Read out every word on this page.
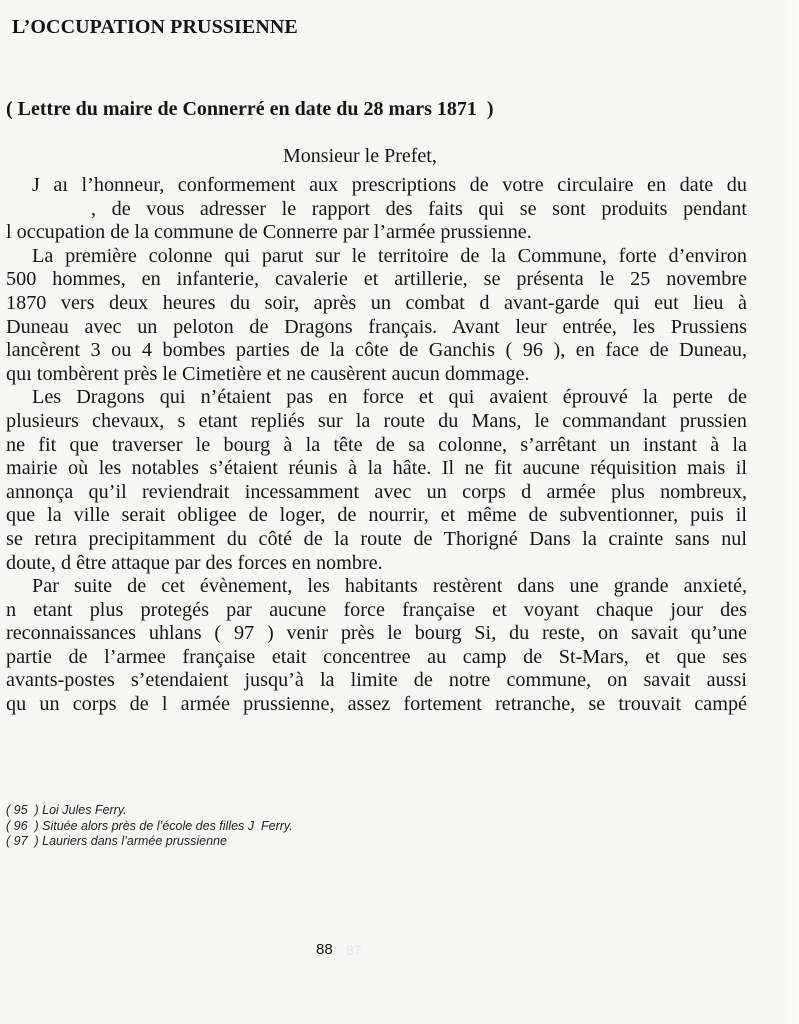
L’OCCUPATION PRUSSIENNE
( Lettre du maire de Connerré en date du 28 mars 1871  )

Monsieur le Prefet,

J aı l’honneur, conformement aux prescriptions de votre circulaire en date du
, de vous adresser le rapport des faits qui se sont produits pendant
l occupation de la commune de Connerre par l’armée prussienne.
La première colonne qui parut sur le territoire de la Commune, forte d’environ
500 hommes, en infanterie, cavalerie et artillerie, se présenta le 25 novembre
1870 vers deux heures du soir, après un combat d avant-garde qui eut lieu à
Duneau avec un peloton de Dragons français. Avant leur entrée, les Prussiens
lancèrent 3 ou 4 bombes parties de la côte de Ganchis ( 96 ), en face de Duneau,
quı tombèrent près le Cimetière et ne causèrent aucun dommage.
Les Dragons qui n’étaient pas en force et qui avaient éprouvé la perte de
plusieurs chevaux, s etant repliés sur la route du Mans, le commandant prussien
ne fit que traverser le bourg à la tête de sa colonne, s’arrêtant un instant à la
mairie où les notables s’étaient réunis à la hâte. Il ne fit aucune réquisition mais il
annonça qu’il reviendrait incessamment avec un corps d armée plus nombreux,
que la ville serait obligee de loger, de nourrir, et même de subventionner, puis il
se retıra precipitamment du côté de la route de Thorigné Dans la crainte sans nul
doute, d être attaque par des forces en nombre.
Par suite de cet évènement, les habitants restèrent dans une grande anxieté,
n etant plus protegés par aucune force française et voyant chaque jour des
reconnaissances uhlans ( 97 ) venir près le bourg Si, du reste, on savait qu’une
partie de l’armee française etait concentree au camp de St-Mars, et que ses
avants-postes s’etendaient jusqu’à la limite de notre commune, on savait aussi
qu un corps de l armée prussienne, assez fortement retranche, se trouvait campé
( 95  ) Loi Jules Ferry.
( 96  ) Située alors près de l’école des filles J  Ferry.
( 97  ) Lauriers dans l’armée prussienne
88 87
